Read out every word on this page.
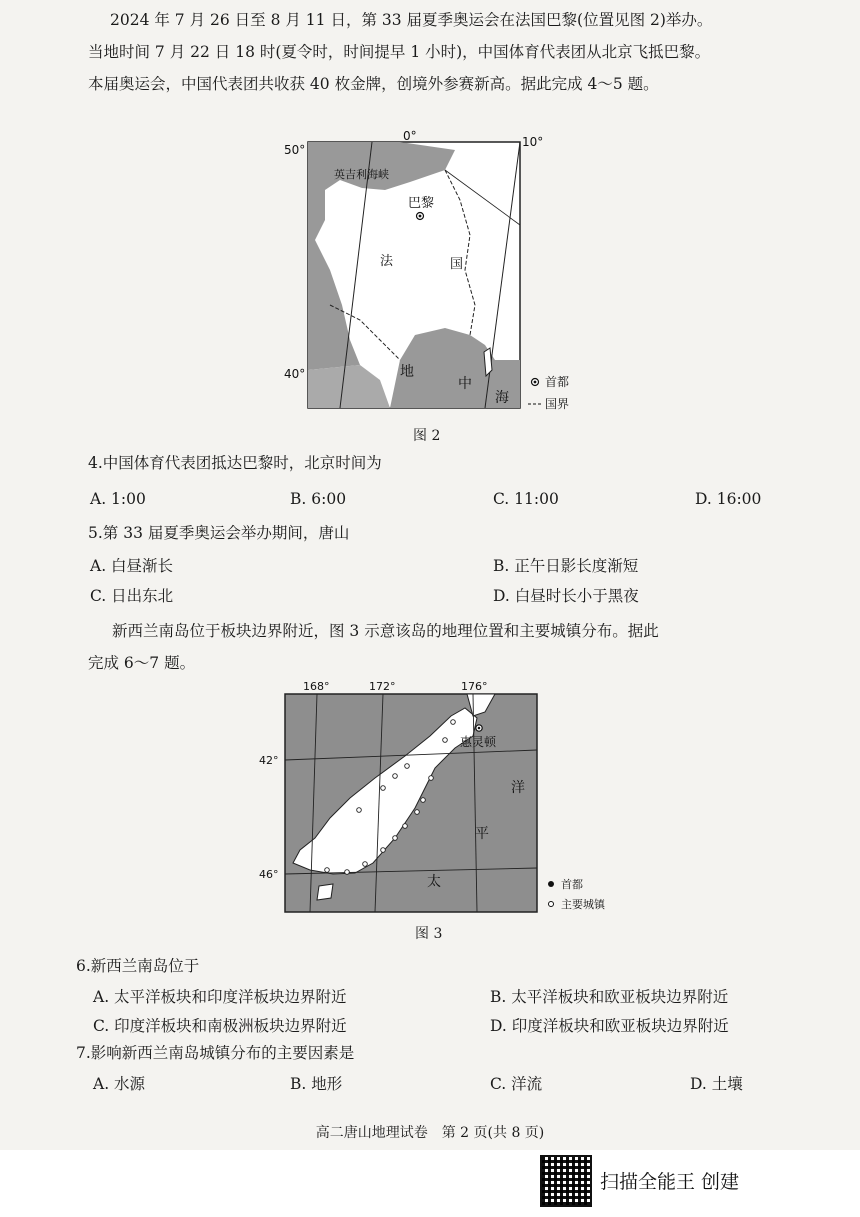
2024 年 7 月 26 日至 8 月 11 日，第 33 届夏季奥运会在法国巴黎(位置见图 2)举办。
当地时间 7 月 22 日 18 时(夏令时，时间提早 1 小时)，中国体育代表团从北京飞抵巴黎。
本届奥运会，中国代表团共收获 40 枚金牌，创境外参赛新高。据此完成 4～5 题。
巴黎
英吉利海峡
法	国
地
中
海
50°
40°
0°	10°
首都
国界
图 2
4.中国体育代表团抵达巴黎时，北京时间为
A. 1:00	B. 6:00	C. 11:00	D. 16:00
5.第 33 届夏季奥运会举办期间，唐山
A. 白昼渐长	B. 正午日影长度渐短
C. 日出东北	D. 白昼时长小于黑夜
新西兰南岛位于板块边界附近，图 3 示意该岛的地理位置和主要城镇分布。据此
完成 6～7 题。
惠灵顿
洋
平
太
168°	172°	176°
42°
46°
首都
主要城镇
图 3
6.新西兰南岛位于
A. 太平洋板块和印度洋板块边界附近	B. 太平洋板块和欧亚板块边界附近
C. 印度洋板块和南极洲板块边界附近	D. 印度洋板块和欧亚板块边界附近
7.影响新西兰南岛城镇分布的主要因素是
A. 水源	B. 地形	C. 洋流	D. 土壤
高二唐山地理试卷　第 2 页(共 8 页)
扫描全能王 创建
